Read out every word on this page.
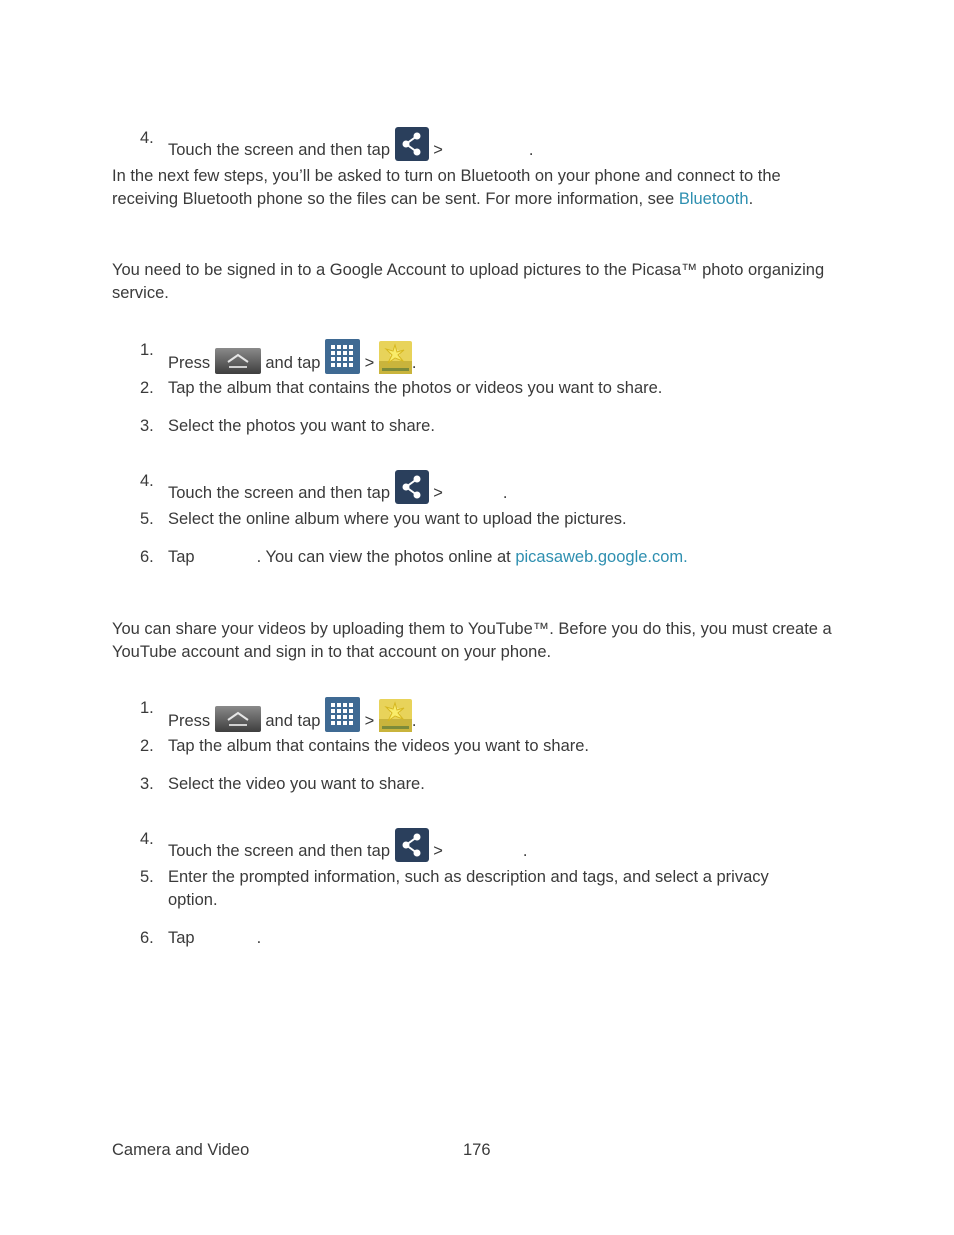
4.
Touch the screen and then tap	>	.

In the next few steps, you’ll be asked to turn on Bluetooth on your phone and connect to the receiving Bluetooth phone so the files can be sent. For more information, see Bluetooth.

You need to be signed in to a Google Account to upload pictures to the Picasa™ photo organizing service.

1.
Press	and tap	> .
2. Tap the album that contains the photos or videos you want to share.
3. Select the photos you want to share.
4.
Touch the screen and then tap	>	.
5. Select the online album where you want to upload the pictures.
6. Tap	. You can view the photos online at picasaweb.google.com.

You can share your videos by uploading them to YouTube™. Before you do this, you must create a YouTube account and sign in to that account on your phone.

1.
Press	and tap	> .
2. Tap the album that contains the videos you want to share.
3. Select the video you want to share.
4.
Touch the screen and then tap	>	.
5. Enter the prompted information, such as description and tags, and select a privacy option.
6. Tap	.
Camera and Video	176
